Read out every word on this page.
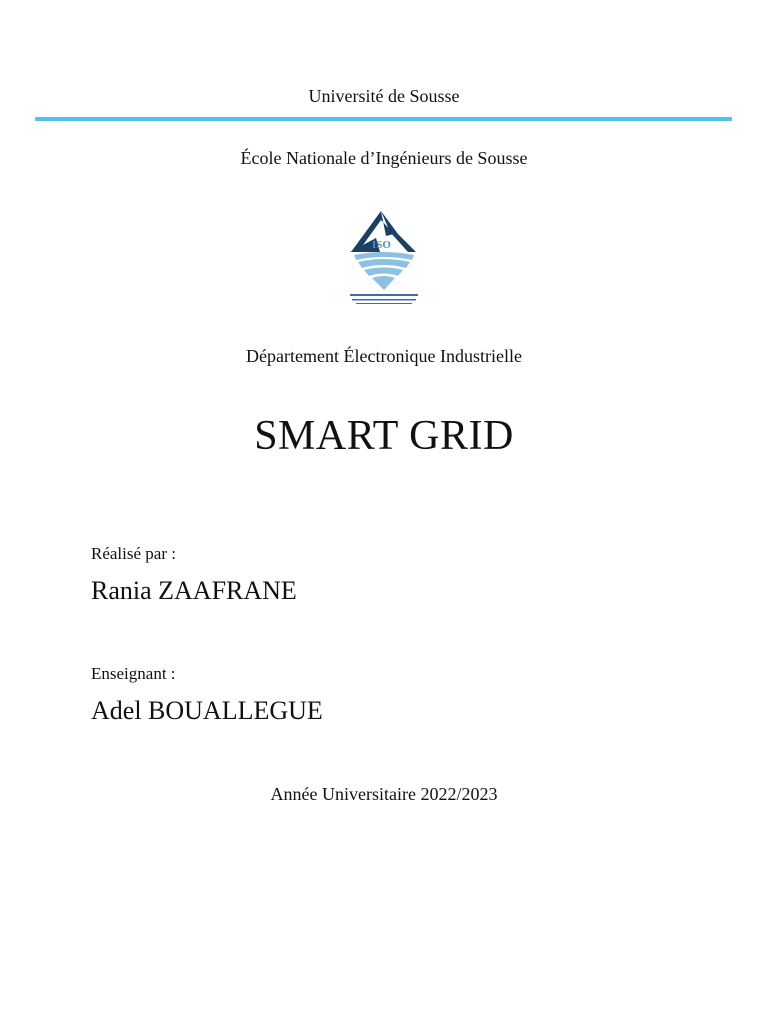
Université de Sousse
École Nationale d’Ingénieurs de Sousse
ISO
Département Électronique Industrielle
SMART GRID
Réalisé par :
Rania ZAAFRANE
Enseignant :
Adel BOUALLEGUE
Année Universitaire 2022/2023
